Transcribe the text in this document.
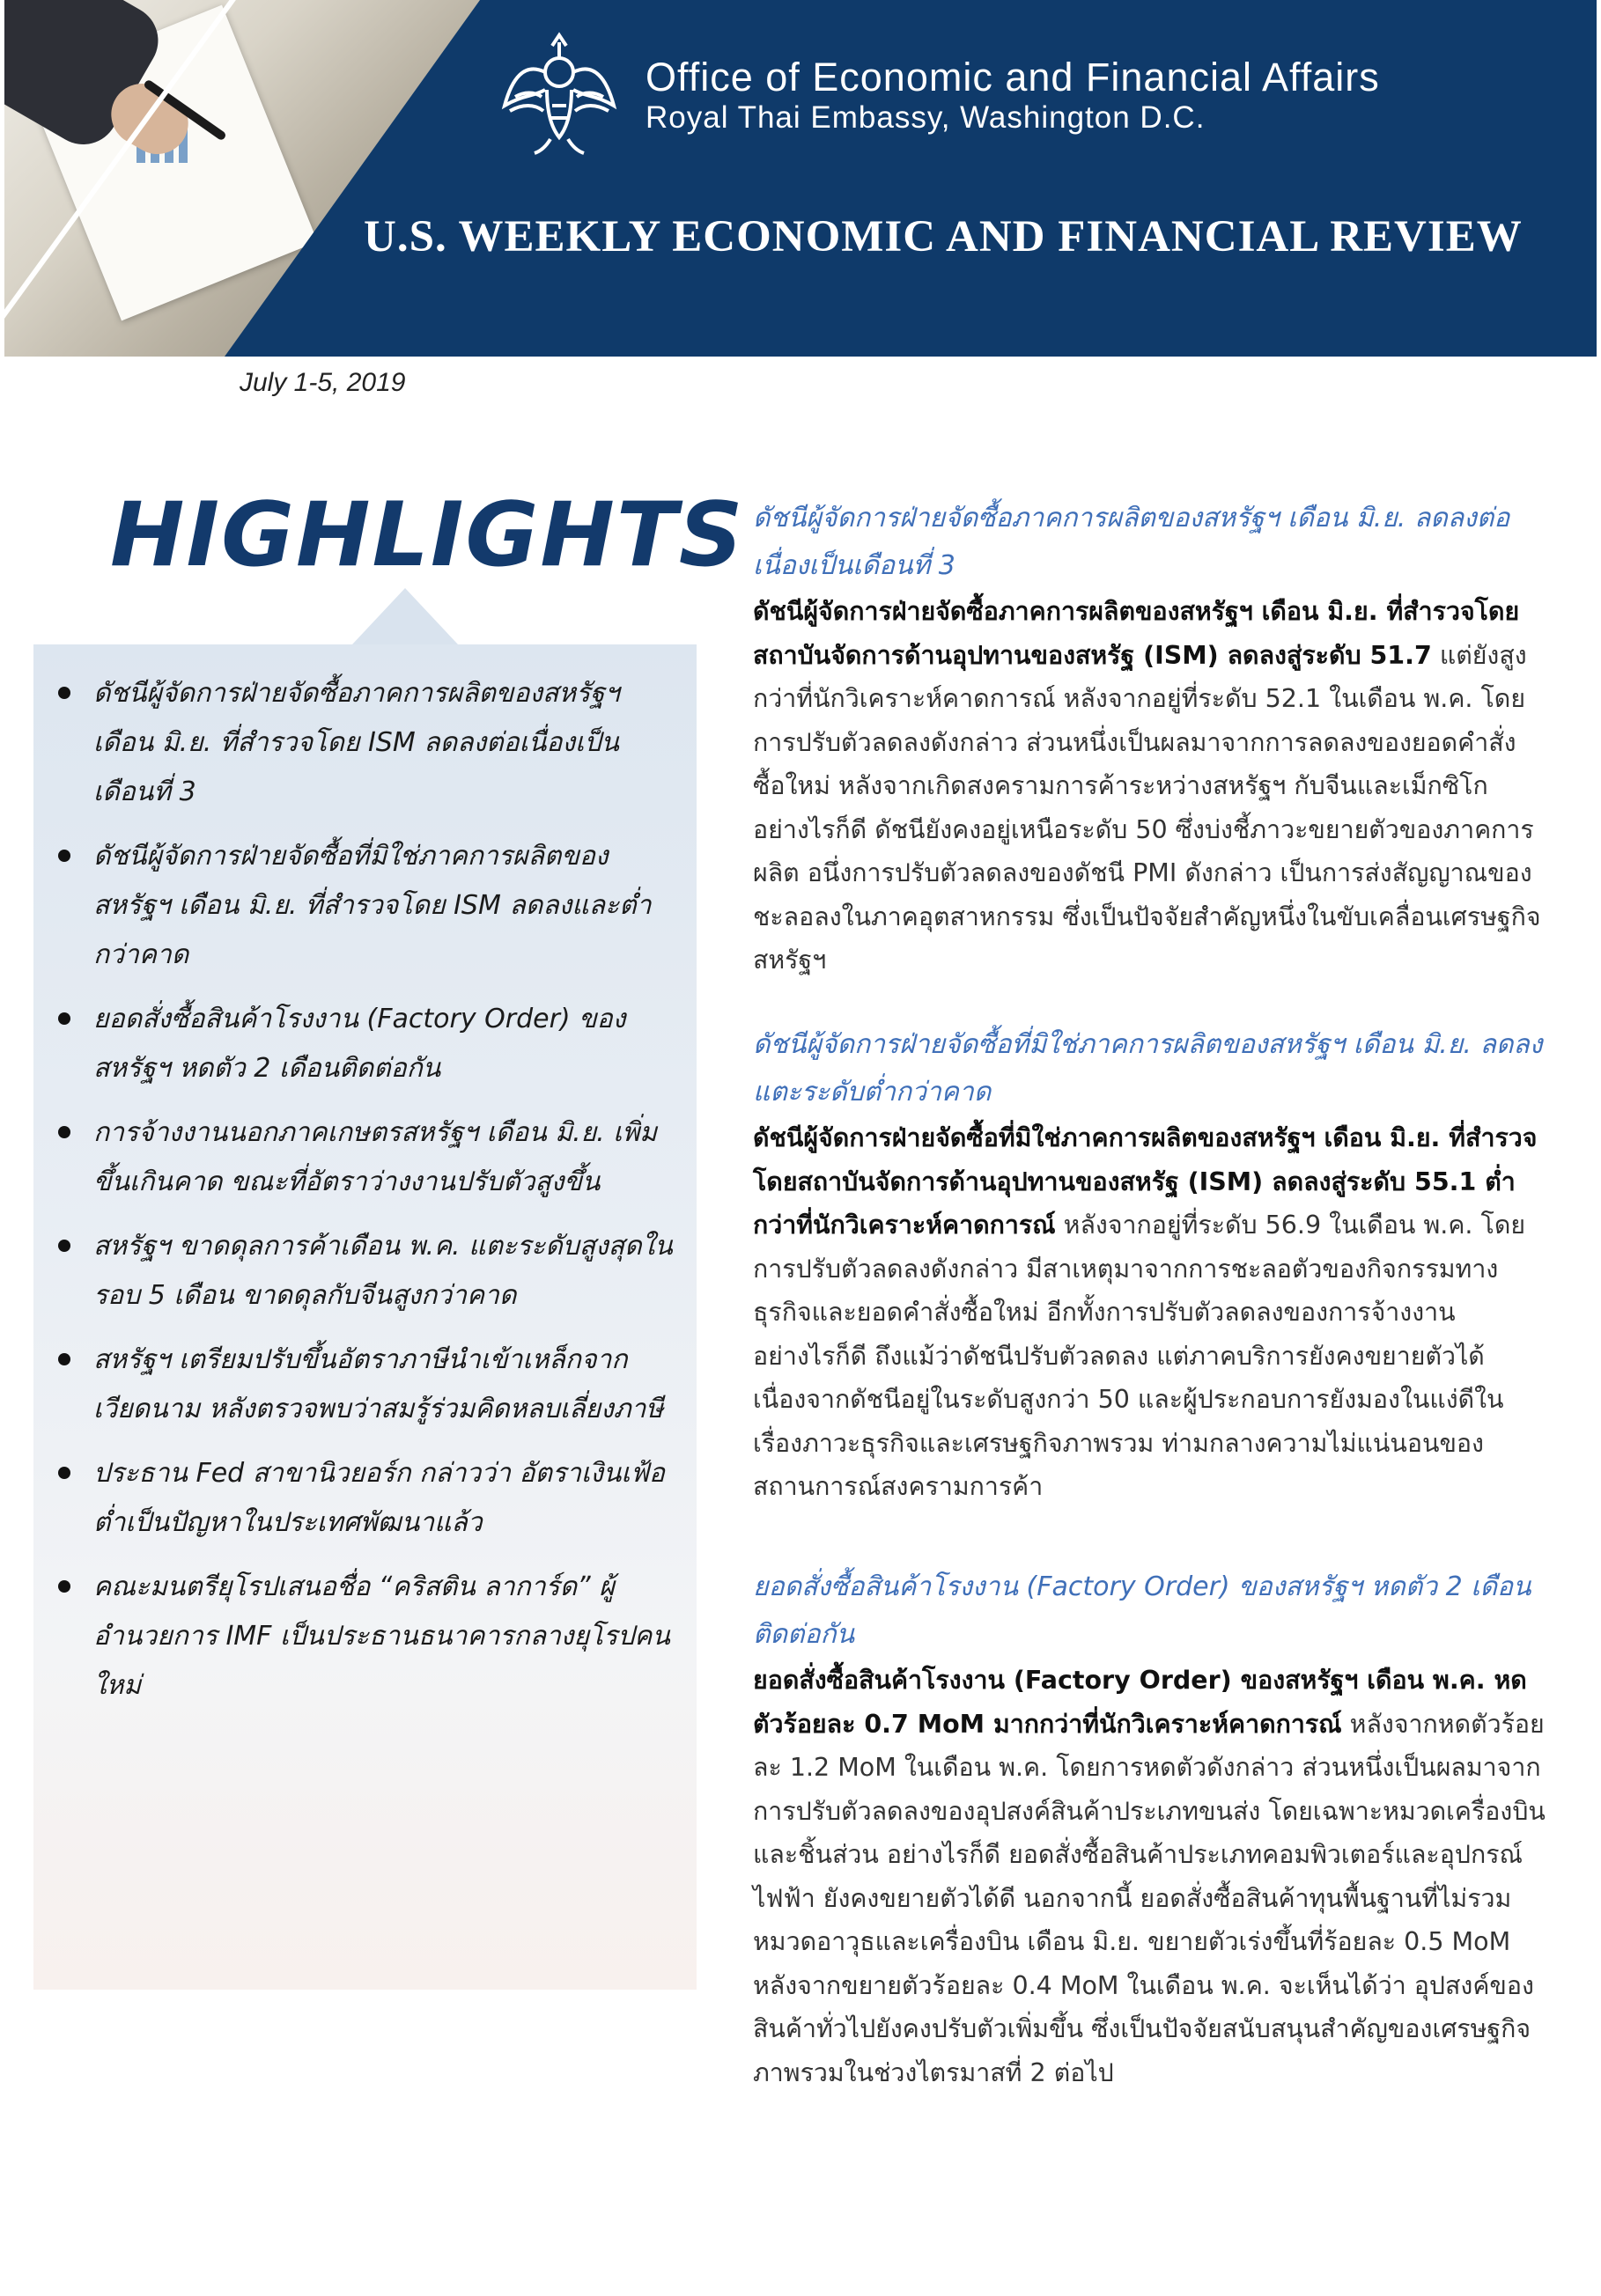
Office of Economic and Financial Affairs
Royal Thai Embassy, Washington D.C.
U.S. WEEKLY ECONOMIC AND FINANCIAL REVIEW
July 1-5, 2019
HIGHLIGHTS
ดัชนีผู้จัดการฝ่ายจัดซื้อภาคการผลิตของสหรัฐฯ เดือน มิ.ย. ที่สำรวจโดย ISM ลดลงต่อเนื่องเป็นเดือนที่ 3
ดัชนีผู้จัดการฝ่ายจัดซื้อที่มิใช่ภาคการผลิตของสหรัฐฯ เดือน มิ.ย. ที่สำรวจโดย ISM ลดลงและต่ำกว่าคาด
ยอดสั่งซื้อสินค้าโรงงาน (Factory Order) ของสหรัฐฯ หดตัว 2 เดือนติดต่อกัน
การจ้างงานนอกภาคเกษตรสหรัฐฯ เดือน มิ.ย. เพิ่มขึ้นเกินคาด ขณะที่อัตราว่างงานปรับตัวสูงขึ้น
สหรัฐฯ ขาดดุลการค้าเดือน พ.ค. แตะระดับสูงสุดในรอบ 5 เดือน ขาดดุลกับจีนสูงกว่าคาด
สหรัฐฯ เตรียมปรับขึ้นอัตราภาษีนำเข้าเหล็กจากเวียดนาม หลังตรวจพบว่าสมรู้ร่วมคิดหลบเลี่ยงภาษี
ประธาน Fed สาขานิวยอร์ก กล่าวว่า อัตราเงินเฟ้อต่ำเป็นปัญหาในประเทศพัฒนาแล้ว
คณะมนตรียุโรปเสนอชื่อ “คริสติน ลาการ์ด” ผู้อำนวยการ IMF เป็นประธานธนาคารกลางยุโรปคนใหม่

ดัชนีผู้จัดการฝ่ายจัดซื้อภาคการผลิตของสหรัฐฯ เดือน มิ.ย. ลดลงต่อเนื่องเป็นเดือนที่ 3

ดัชนีผู้จัดการฝ่ายจัดซื้อภาคการผลิตของสหรัฐฯ เดือน มิ.ย. ที่สำรวจโดย สถาบันจัดการด้านอุปทานของสหรัฐ (ISM) ลดลงสู่ระดับ 51.7 แต่ยังสูงกว่าที่นักวิเคราะห์คาดการณ์ หลังจากอยู่ที่ระดับ 52.1 ในเดือน พ.ค. โดยการปรับตัวลดลงดังกล่าว ส่วนหนึ่งเป็นผลมาจากการลดลงของยอดคำสั่งซื้อใหม่ หลังจากเกิดสงครามการค้าระหว่างสหรัฐฯ กับจีนและเม็กซิโก อย่างไรก็ดี ดัชนียังคงอยู่เหนือระดับ 50 ซึ่งบ่งชี้ภาวะขยายตัวของภาคการผลิต อนึ่งการปรับตัวลดลงของดัชนี PMI ดังกล่าว เป็นการส่งสัญญาณของชะลอลงในภาคอุตสาหกรรม ซึ่งเป็นปัจจัยสำคัญหนึ่งในขับเคลื่อนเศรษฐกิจสหรัฐฯ

ดัชนีผู้จัดการฝ่ายจัดซื้อที่มิใช่ภาคการผลิตของสหรัฐฯ เดือน มิ.ย. ลดลง แตะระดับต่ำกว่าคาด

ดัชนีผู้จัดการฝ่ายจัดซื้อที่มิใช่ภาคการผลิตของสหรัฐฯ เดือน มิ.ย. ที่สำรวจโดยสถาบันจัดการด้านอุปทานของสหรัฐ (ISM) ลดลงสู่ระดับ 55.1 ต่ำกว่าที่นักวิเคราะห์คาดการณ์ หลังจากอยู่ที่ระดับ 56.9 ในเดือน พ.ค. โดยการปรับตัวลดลงดังกล่าว มีสาเหตุมาจากการชะลอตัวของกิจกรรมทางธุรกิจและยอดคำสั่งซื้อใหม่ อีกทั้งการปรับตัวลดลงของการจ้างงาน อย่างไรก็ดี ถึงแม้ว่าดัชนีปรับตัวลดลง แต่ภาคบริการยังคงขยายตัวได้ เนื่องจากดัชนีอยู่ในระดับสูงกว่า 50 และผู้ประกอบการยังมองในแง่ดีในเรื่องภาวะธุรกิจและเศรษฐกิจภาพรวม ท่ามกลางความไม่แน่นอนของสถานการณ์สงครามการค้า

ยอดสั่งซื้อสินค้าโรงงาน (Factory Order) ของสหรัฐฯ หดตัว 2 เดือนติดต่อกัน

ยอดสั่งซื้อสินค้าโรงงาน (Factory Order) ของสหรัฐฯ เดือน พ.ค. หดตัวร้อยละ 0.7 MoM มากกว่าที่นักวิเคราะห์คาดการณ์ หลังจากหดตัวร้อยละ 1.2 MoM ในเดือน พ.ค. โดยการหดตัวดังกล่าว ส่วนหนึ่งเป็นผลมาจากการปรับตัวลดลงของอุปสงค์สินค้าประเภทขนส่ง โดยเฉพาะหมวดเครื่องบินและชิ้นส่วน อย่างไรก็ดี ยอดสั่งซื้อสินค้าประเภทคอมพิวเตอร์และอุปกรณ์ไฟฟ้า ยังคงขยายตัวได้ดี นอกจากนี้ ยอดสั่งซื้อสินค้าทุนพื้นฐานที่ไม่รวมหมวดอาวุธและเครื่องบิน เดือน มิ.ย. ขยายตัวเร่งขึ้นที่ร้อยละ 0.5 MoM หลังจากขยายตัวร้อยละ 0.4 MoM ในเดือน พ.ค. จะเห็นได้ว่า อุปสงค์ของสินค้าทั่วไปยังคงปรับตัวเพิ่มขึ้น ซึ่งเป็นปัจจัยสนับสนุนสำคัญของเศรษฐกิจภาพรวมในช่วงไตรมาสที่ 2 ต่อไป
